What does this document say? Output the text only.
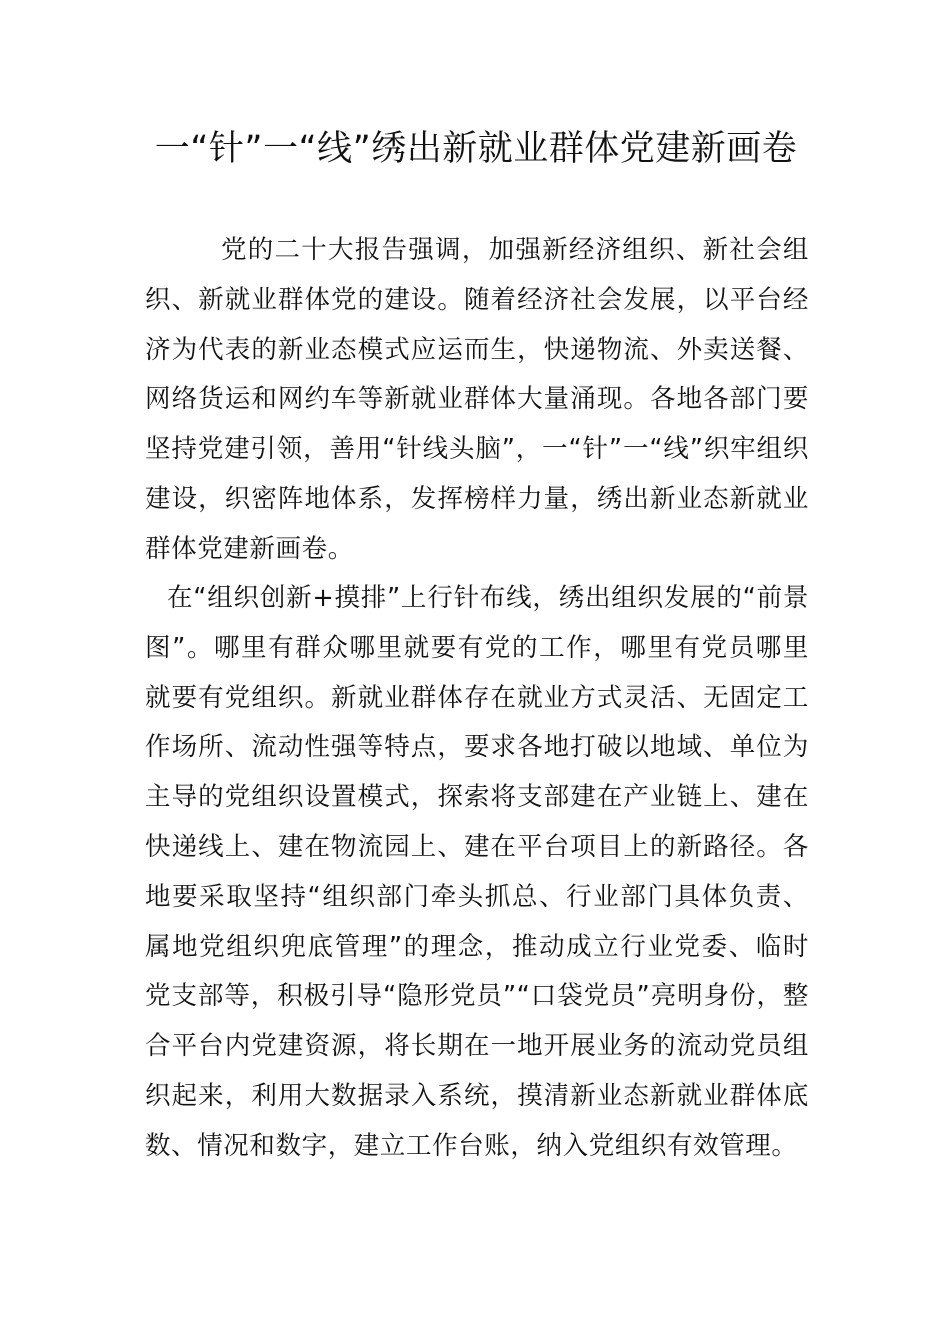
一“针”一“线”绣出新就业群体党建新画卷

党的二十大报告强调，加强新经济组织、新社会组织、新就业群体党的建设。随着经济社会发展，以平台经济为代表的新业态模式应运而生，快递物流、外卖送餐、网络货运和网约车等新就业群体大量涌现。各地各部门要坚持党建引领，善用“针线头脑”，一“针”一“线”织牢组织建设，织密阵地体系，发挥榜样力量，绣出新业态新就业群体党建新画卷。

在“组织创新+摸排”上行针布线，绣出组织发展的“前景图”。哪里有群众哪里就要有党的工作，哪里有党员哪里就要有党组织。新就业群体存在就业方式灵活、无固定工作场所、流动性强等特点，要求各地打破以地域、单位为主导的党组织设置模式，探索将支部建在产业链上、建在快递线上、建在物流园上、建在平台项目上的新路径。各地要采取坚持“组织部门牵头抓总、行业部门具体负责、属地党组织兜底管理”的理念，推动成立行业党委、临时党支部等，积极引导“隐形党员”“口袋党员”亮明身份，整合平台内党建资源，将长期在一地开展业务的流动党员组织起来，利用大数据录入系统，摸清新业态新就业群体底数、情况和数字，建立工作台账，纳入党组织有效管理。
